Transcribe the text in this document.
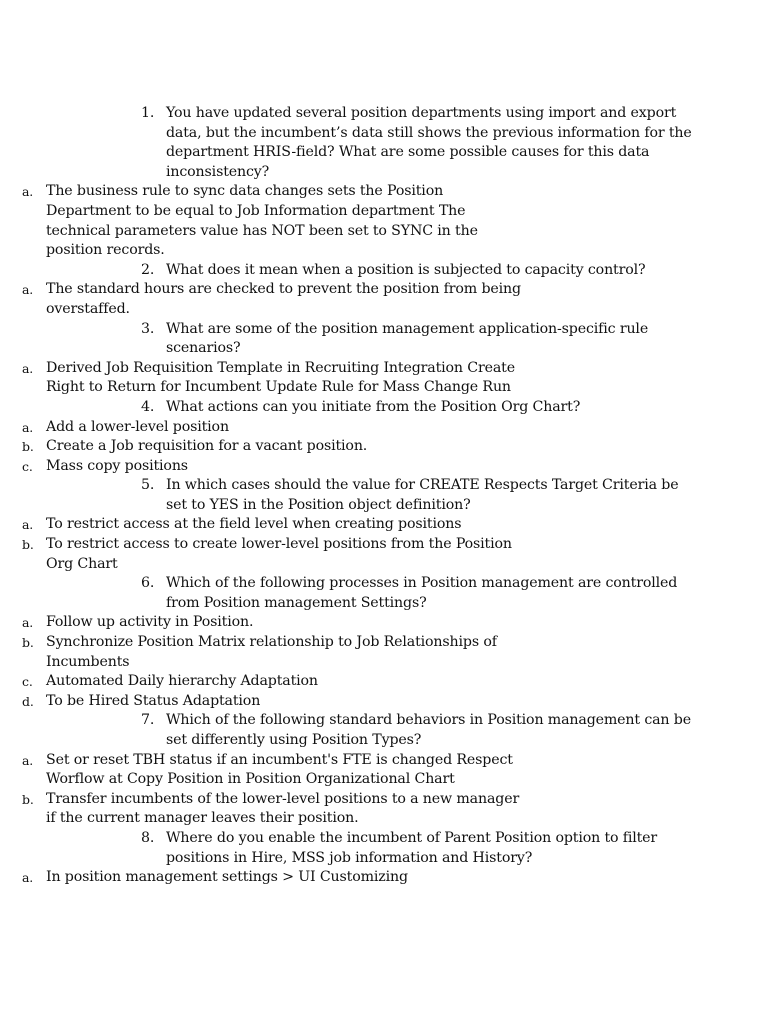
1. You have updated several position departments using import and export data, but the incumbent’s data still shows the previous information for the department HRIS-field? What are some possible causes for this data inconsistency?
a. The business rule to sync data changes sets the Position Department to be equal to Job Information department The technical parameters value has NOT been set to SYNC in the position records.
2. What does it mean when a position is subjected to capacity control?
a. The standard hours are checked to prevent the position from being overstaffed.
3. What are some of the position management application-specific rule scenarios?
a. Derived Job Requisition Template in Recruiting Integration Create Right to Return for Incumbent Update Rule for Mass Change Run
4. What actions can you initiate from the Position Org Chart?
a. Add a lower-level position
b. Create a Job requisition for a vacant position.
c. Mass copy positions
5. In which cases should the value for CREATE Respects Target Criteria be set to YES in the Position object definition?
a. To restrict access at the field level when creating positions
b. To restrict access to create lower-level positions from the Position Org Chart
6. Which of the following processes in Position management are controlled from Position management Settings?
a. Follow up activity in Position.
b. Synchronize Position Matrix relationship to Job Relationships of Incumbents
c. Automated Daily hierarchy Adaptation
d. To be Hired Status Adaptation
7. Which of the following standard behaviors in Position management can be set differently using Position Types?
a. Set or reset TBH status if an incumbent's FTE is changed Respect Worflow at Copy Position in Position Organizational Chart
b. Transfer incumbents of the lower-level positions to a new manager if the current manager leaves their position.
8. Where do you enable the incumbent of Parent Position option to filter positions in Hire, MSS job information and History?
a. In position management settings > UI Customizing
